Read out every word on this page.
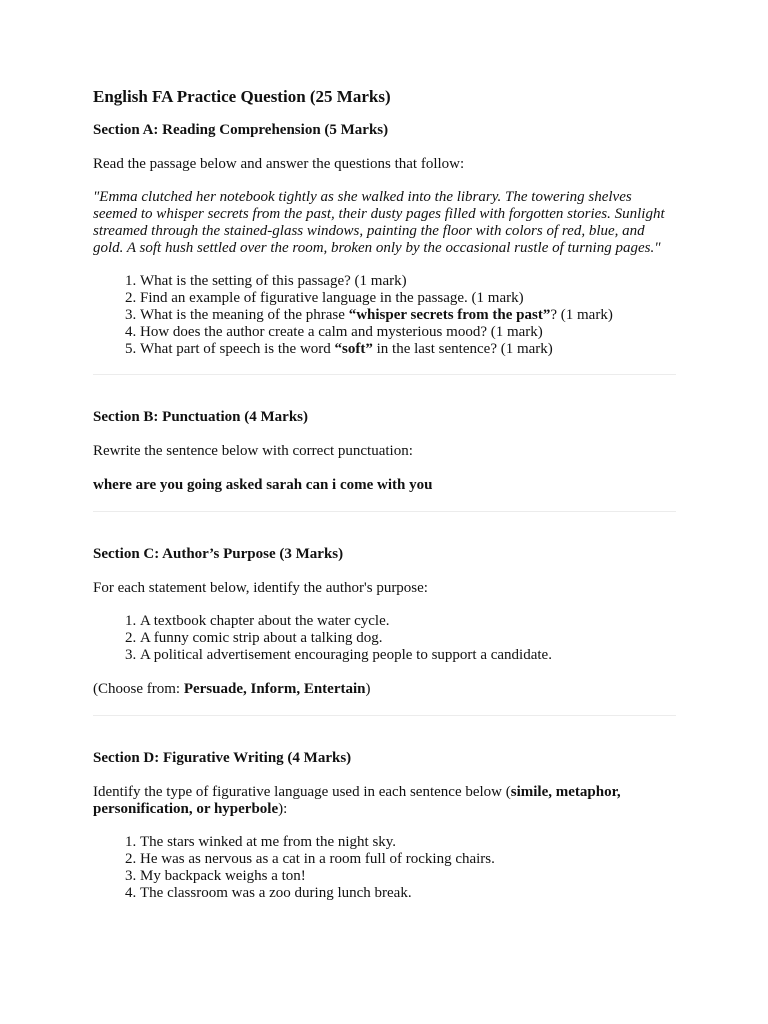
English FA Practice Question (25 Marks)

Section A: Reading Comprehension (5 Marks)

Read the passage below and answer the questions that follow:

"Emma clutched her notebook tightly as she walked into the library. The towering shelves seemed to whisper secrets from the past, their dusty pages filled with forgotten stories. Sunlight streamed through the stained-glass windows, painting the floor with colors of red, blue, and gold. A soft hush settled over the room, broken only by the occasional rustle of turning pages."

1. What is the setting of this passage? (1 mark)
2. Find an example of figurative language in the passage. (1 mark)
3. What is the meaning of the phrase “whisper secrets from the past”? (1 mark)
4. How does the author create a calm and mysterious mood? (1 mark)
5. What part of speech is the word “soft” in the last sentence? (1 mark)

Section B: Punctuation (4 Marks)

Rewrite the sentence below with correct punctuation:

where are you going asked sarah can i come with you

Section C: Author’s Purpose (3 Marks)

For each statement below, identify the author's purpose:

1. A textbook chapter about the water cycle.
2. A funny comic strip about a talking dog.
3. A political advertisement encouraging people to support a candidate.

(Choose from: Persuade, Inform, Entertain)

Section D: Figurative Writing (4 Marks)

Identify the type of figurative language used in each sentence below (simile, metaphor, personification, or hyperbole):

1. The stars winked at me from the night sky.
2. He was as nervous as a cat in a room full of rocking chairs.
3. My backpack weighs a ton!
4. The classroom was a zoo during lunch break.
